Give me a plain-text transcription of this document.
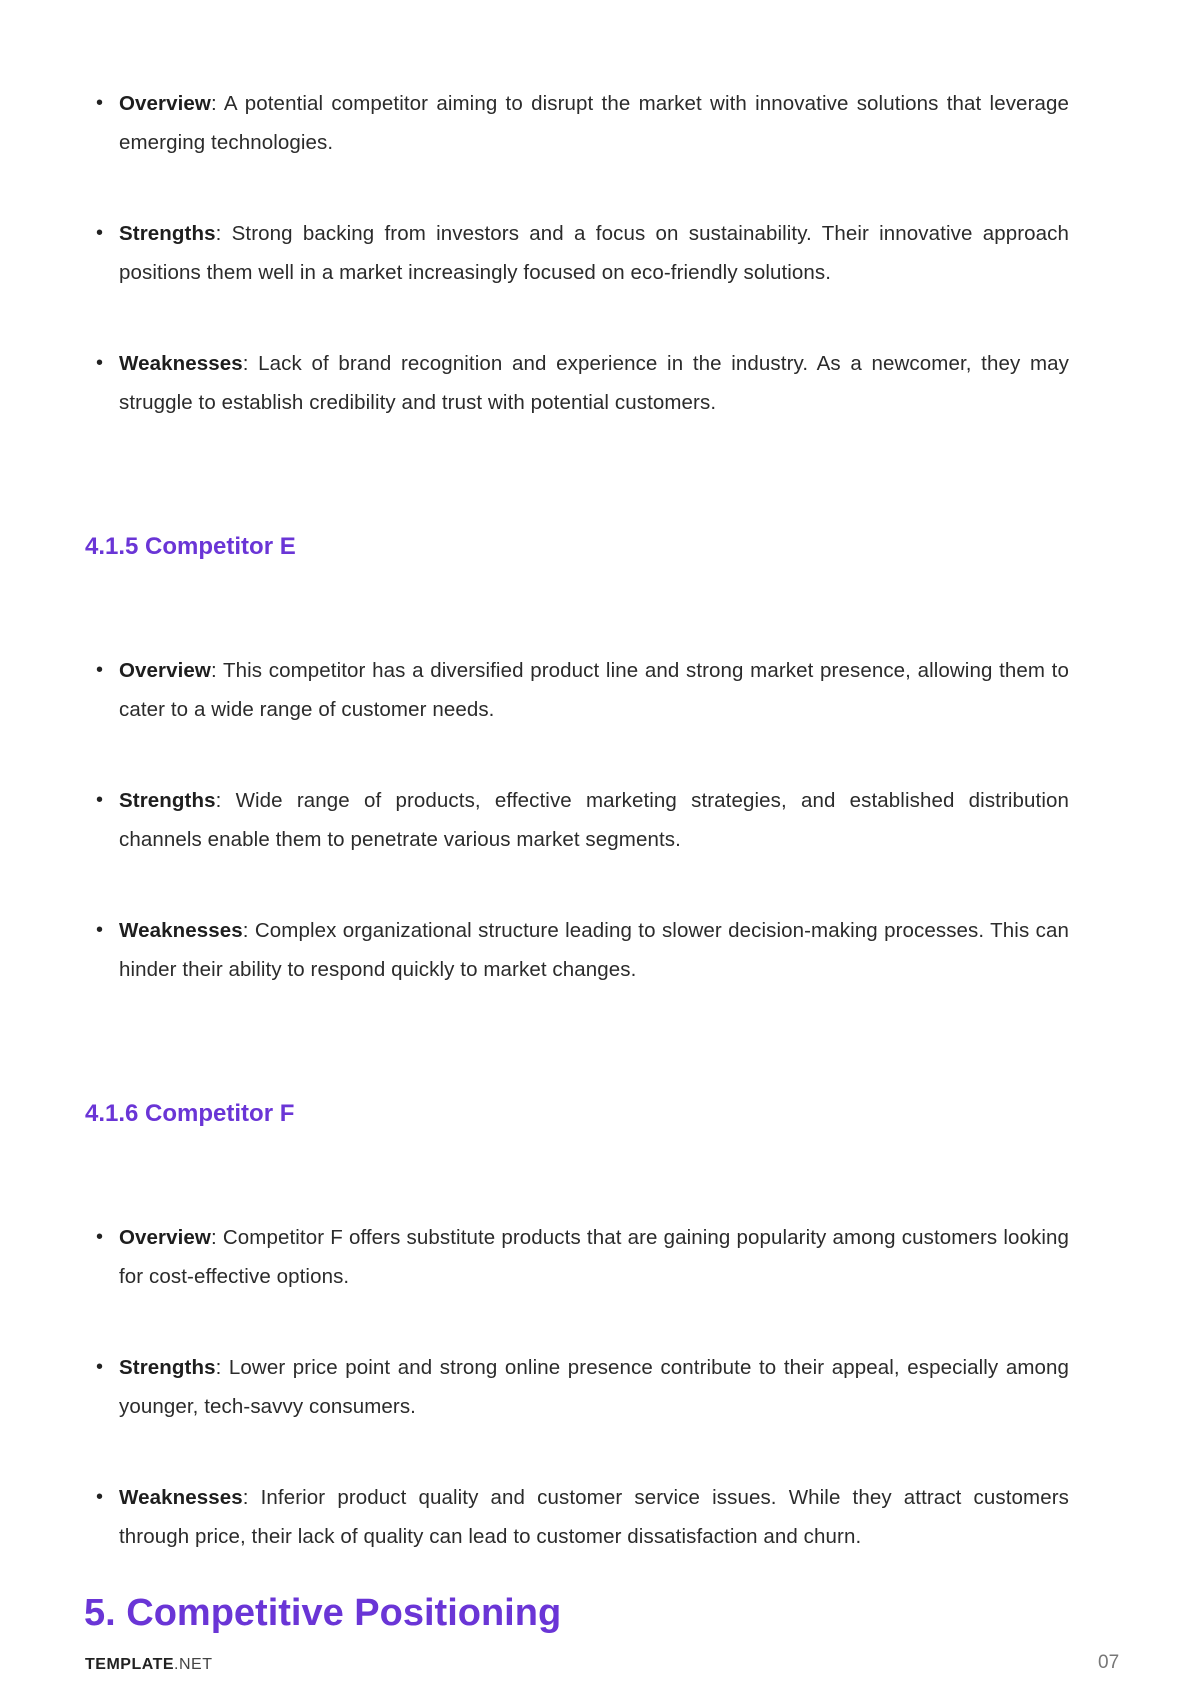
• Overview: A potential competitor aiming to disrupt the market with innovative solutions that leverage emerging technologies.
• Strengths: Strong backing from investors and a focus on sustainability. Their innovative approach positions them well in a market increasingly focused on eco-friendly solutions.
• Weaknesses: Lack of brand recognition and experience in the industry. As a newcomer, they may struggle to establish credibility and trust with potential customers.
4.1.5 Competitor E
• Overview: This competitor has a diversified product line and strong market presence, allowing them to cater to a wide range of customer needs.
• Strengths: Wide range of products, effective marketing strategies, and established distribution channels enable them to penetrate various market segments.
• Weaknesses: Complex organizational structure leading to slower decision-making processes. This can hinder their ability to respond quickly to market changes.
4.1.6 Competitor F
• Overview: Competitor F offers substitute products that are gaining popularity among customers looking for cost-effective options.
• Strengths: Lower price point and strong online presence contribute to their appeal, especially among younger, tech-savvy consumers.
• Weaknesses: Inferior product quality and customer service issues. While they attract customers through price, their lack of quality can lead to customer dissatisfaction and churn.
5. Competitive Positioning
TEMPLATE.NET	07
